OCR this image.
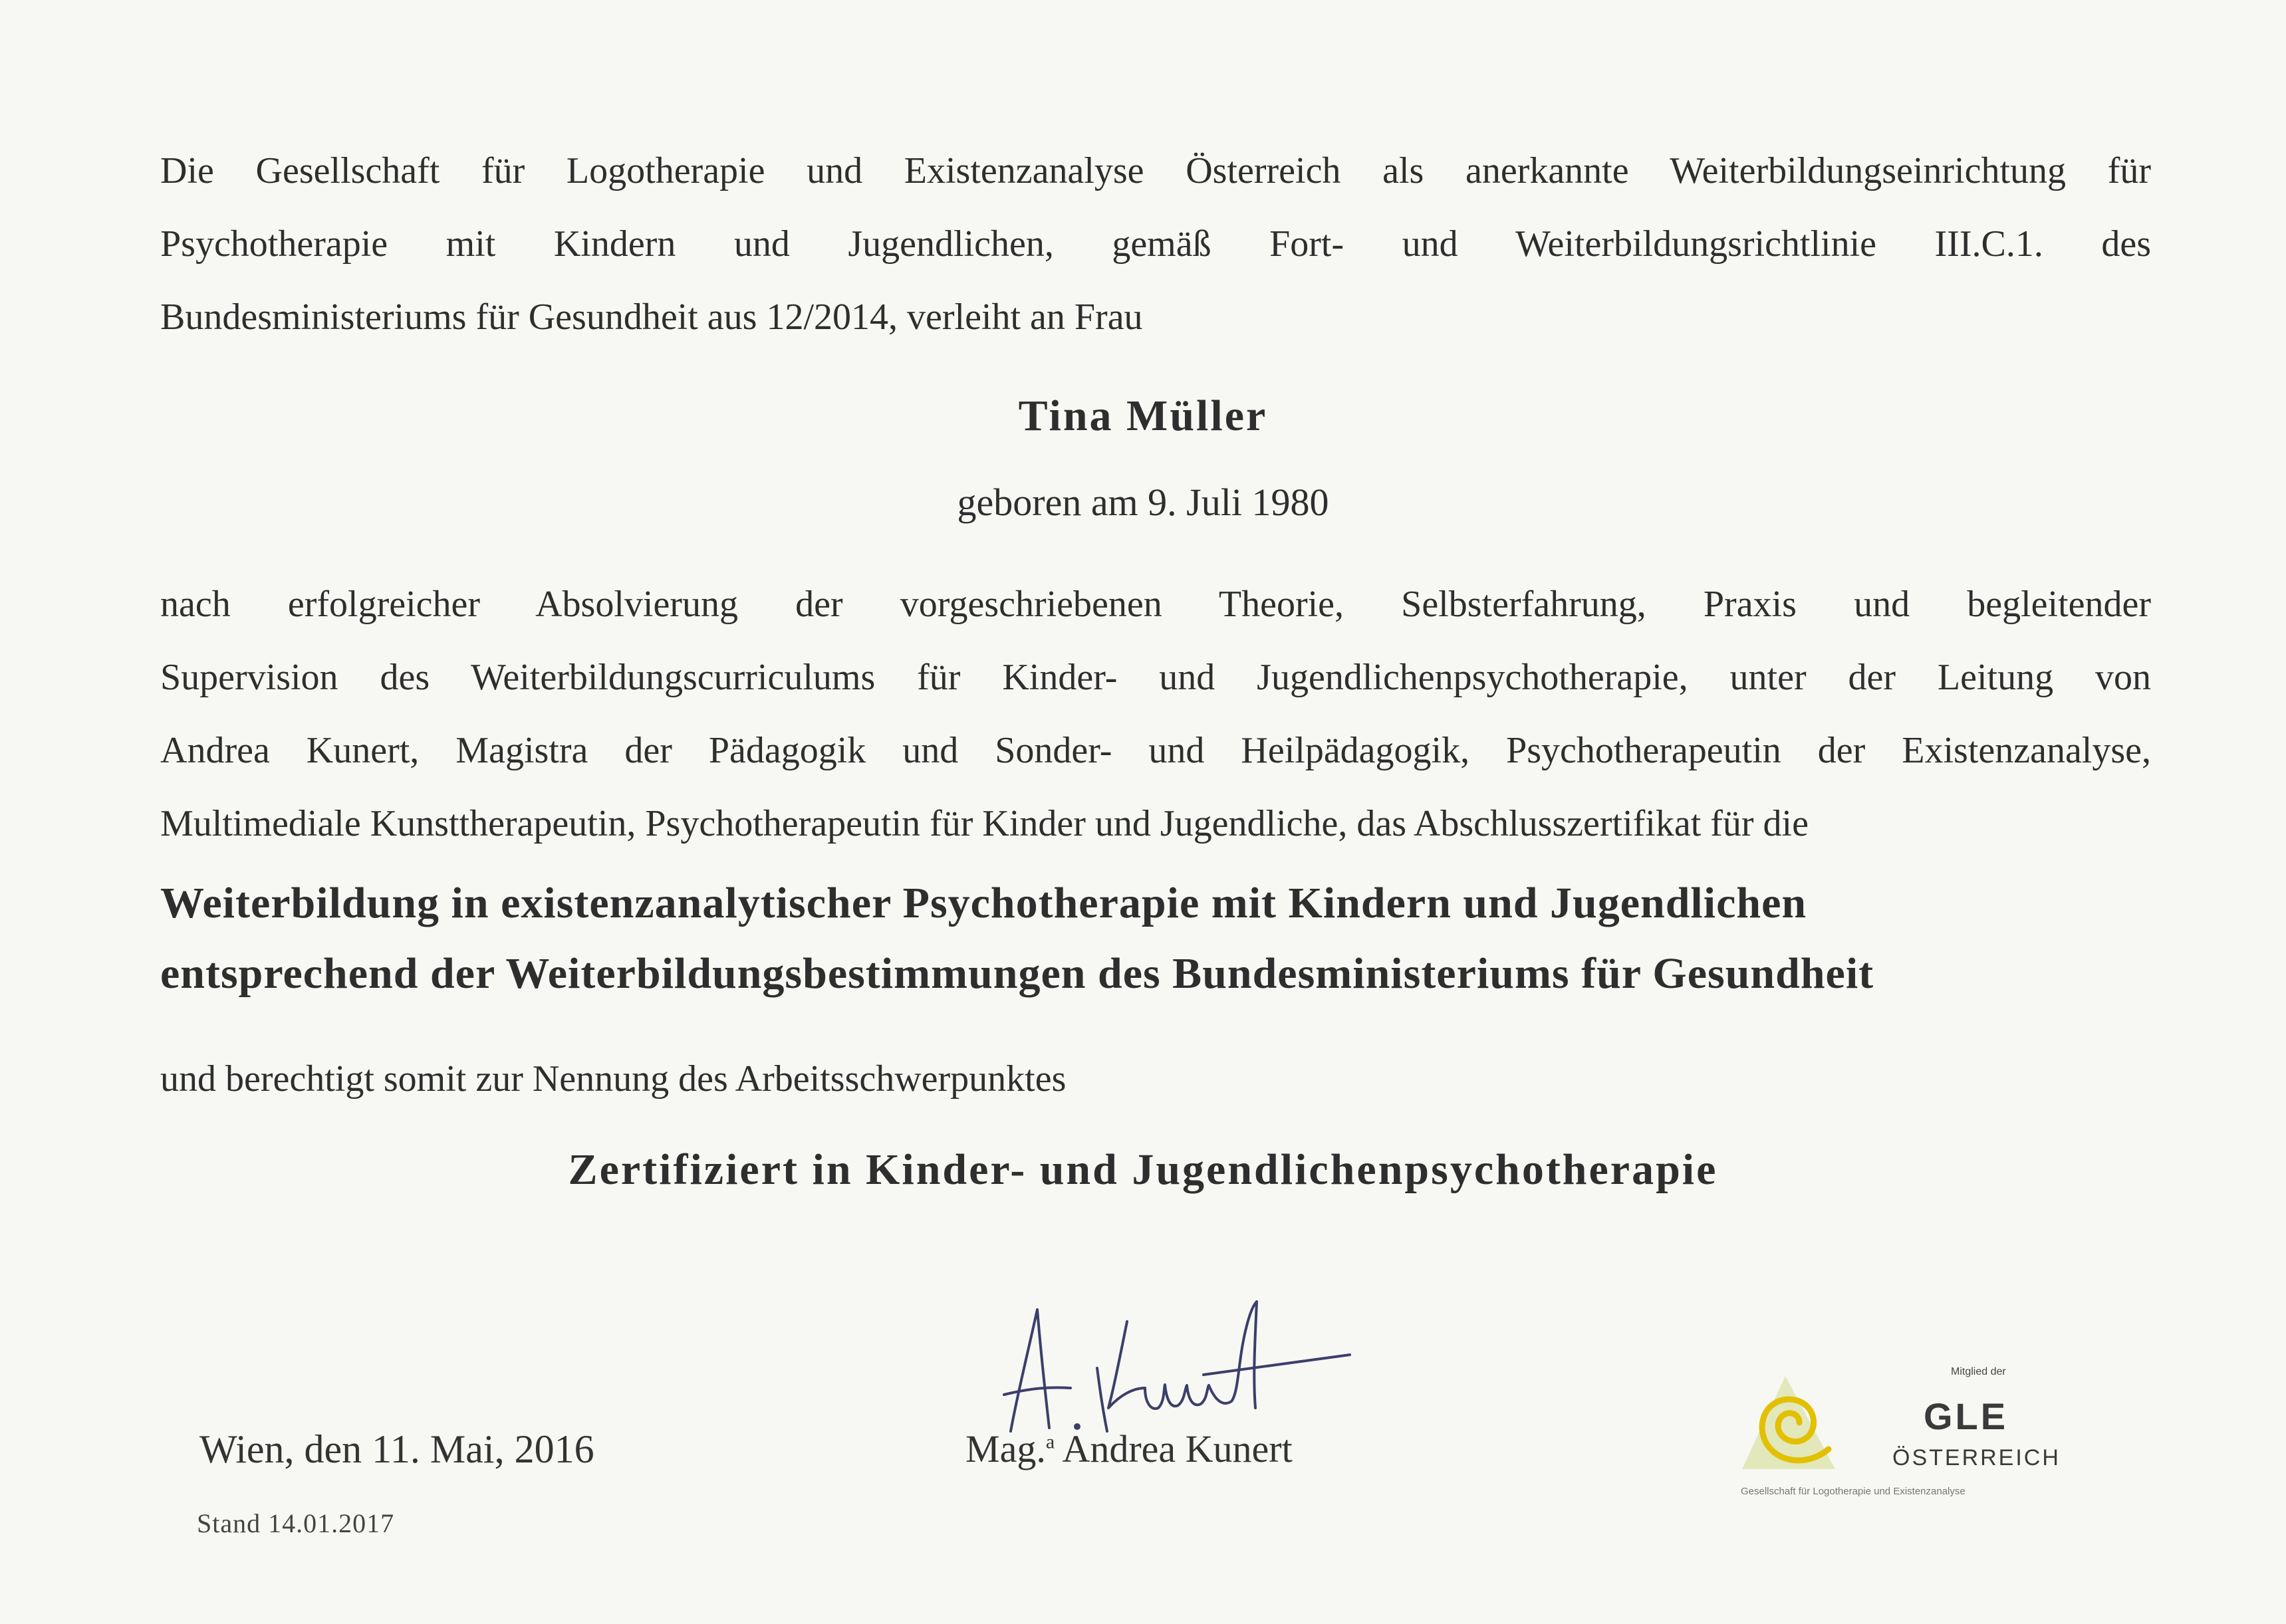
Die Gesellschaft für Logotherapie und Existenzanalyse Österreich als anerkannte Weiterbildungseinrichtung für
Psychotherapie mit Kindern und Jugendlichen, gemäß Fort- und Weiterbildungsrichtlinie III.C.1. des
Bundesministeriums für Gesundheit aus 12/2014, verleiht an Frau
Tina Müller
geboren am 9. Juli 1980
nach erfolgreicher Absolvierung der vorgeschriebenen Theorie, Selbsterfahrung, Praxis und begleitender
Supervision des Weiterbildungscurriculums für Kinder- und Jugendlichenpsychotherapie, unter der Leitung von
Andrea Kunert, Magistra der Pädagogik und Sonder- und Heilpädagogik, Psychotherapeutin der Existenzanalyse,
Multimediale Kunsttherapeutin, Psychotherapeutin für Kinder und Jugendliche, das Abschlusszertifikat für die
Weiterbildung in existenzanalytischer Psychotherapie mit Kindern und Jugendlichen
entsprechend der Weiterbildungsbestimmungen des Bundesministeriums für Gesundheit
und berechtigt somit zur Nennung des Arbeitsschwerpunktes
Zertifiziert in Kinder- und Jugendlichenpsychotherapie
Wien, den 11. Mai, 2016
Stand 14.01.2017
Mag.$^a$ Andrea Kunert
Mitglied der
GLE
ÖSTERREICH
Gesellschaft für Logotherapie und Existenzanalyse
